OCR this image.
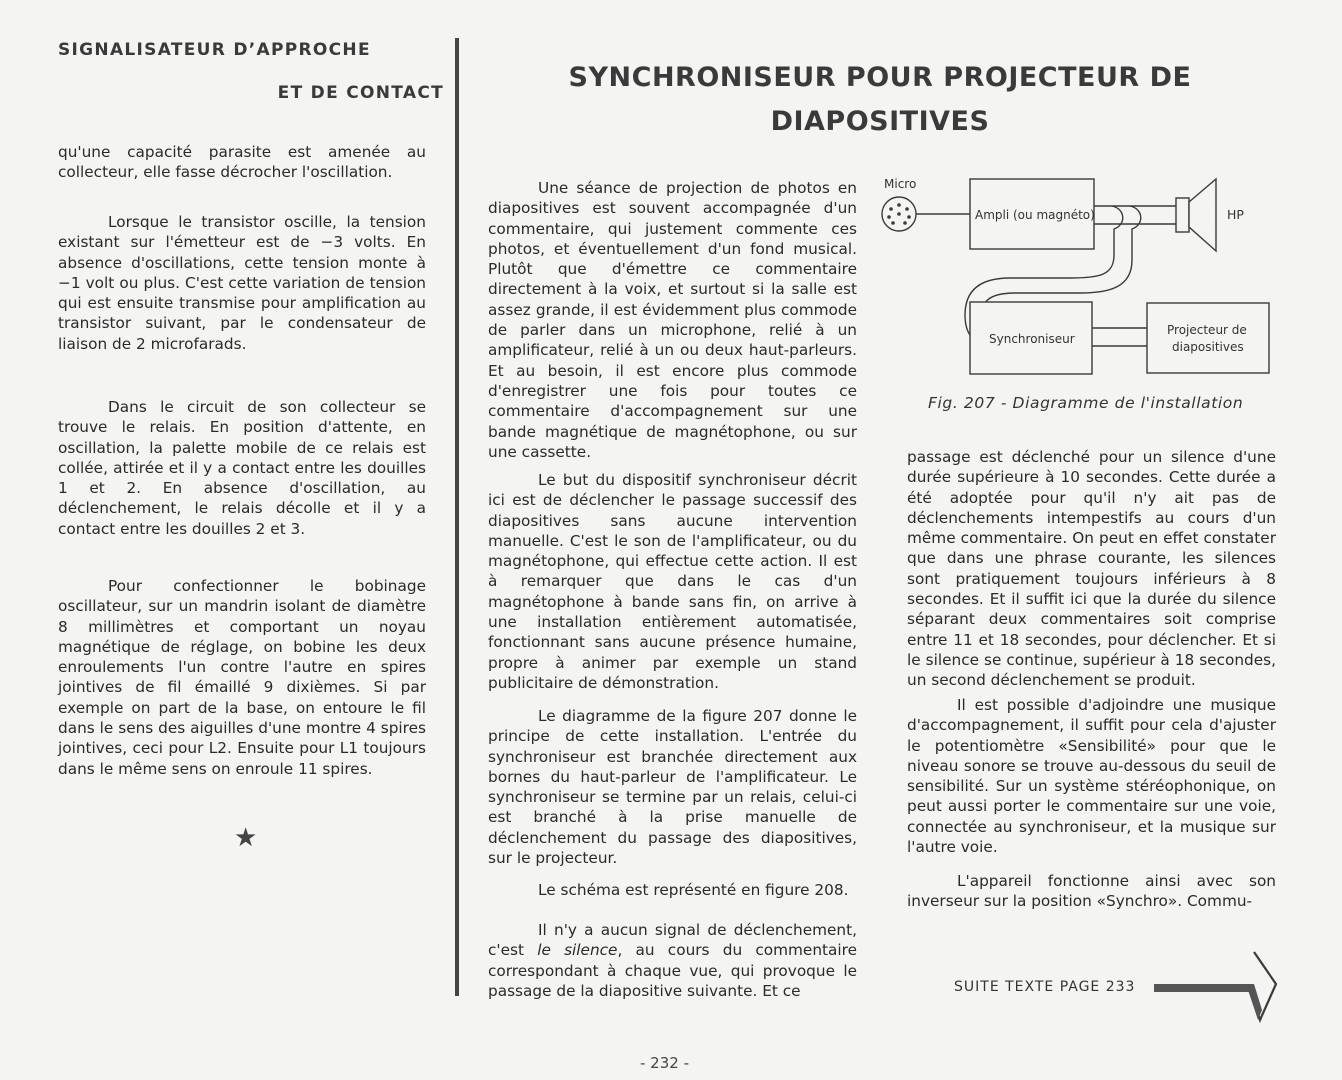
SIGNALISATEUR D’APPROCHE
ET DE CONTACT

qu'une capacité parasite est amenée au collecteur, elle fasse décrocher l'oscillation.

Lorsque le transistor oscille, la tension existant sur l'émetteur est de −3 volts. En absence d'oscillations, cette tension monte à −1 volt ou plus. C'est cette variation de tension qui est ensuite transmise pour amplification au transistor suivant, par le condensateur de liaison de 2 microfarads.

Dans le circuit de son collecteur se trouve le relais. En position d'attente, en oscillation, la palette mobile de ce relais est collée, attirée et il y a contact entre les douilles 1 et 2. En absence d'oscillation, au déclenchement, le relais décolle et il y a contact entre les douilles 2 et 3.

Pour confectionner le bobinage oscillateur, sur un mandrin isolant de diamètre 8 millimètres et comportant un noyau magnétique de réglage, on bobine les deux enroulements l'un contre l'autre en spires jointives de fil émaillé 9 dixièmes. Si par exemple on part de la base, on entoure le fil dans le sens des aiguilles d'une montre 4 spires jointives, ceci pour L2. Ensuite pour L1 toujours dans le même sens on enroule 11 spires.

★
SYNCHRONISEUR POUR PROJECTEUR DE
DIAPOSITIVES

Une séance de projection de photos en diapositives est souvent accompagnée d'un commentaire, qui justement commente ces photos, et éventuellement d'un fond musical. Plutôt que d'émettre ce commentaire directement à la voix, et surtout si la salle est assez grande, il est évidemment plus commode de parler dans un microphone, relié à un amplificateur, relié à un ou deux haut-parleurs. Et au besoin, il est encore plus commode d'enregistrer une fois pour toutes ce commentaire d'accompagnement sur une bande magnétique de magnétophone, ou sur une cassette.

Le but du dispositif synchroniseur décrit ici est de déclencher le passage successif des diapositives sans aucune intervention manuelle. C'est le son de l'amplificateur, ou du magnétophone, qui effectue cette action. Il est à remarquer que dans le cas d'un magnétophone à bande sans fin, on arrive à une installation entièrement automatisée, fonctionnant sans aucune présence humaine, propre à animer par exemple un stand publicitaire de démonstration.

Le diagramme de la figure 207 donne le principe de cette installation. L'entrée du synchroniseur est branchée directement aux bornes du haut-parleur de l'amplificateur. Le synchroniseur se termine par un relais, celui-ci est branché à la prise manuelle de déclenchement du passage des diapositives, sur le projecteur.

Le schéma est représenté en figure 208.

Il n'y a aucun signal de déclenchement, c'est le silence, au cours du commentaire correspondant à chaque vue, qui provoque le passage de la diapositive suivante. Et ce

Micro
Ampli (ou magnéto)	HP
Synchroniseur
Projecteur de
diapositives
Fig. 207 - Diagramme de l'installation

passage est déclenché pour un silence d'une durée supérieure à 10 secondes. Cette durée a été adoptée pour qu'il n'y ait pas de déclenchements intempestifs au cours d'un même commentaire. On peut en effet constater que dans une phrase courante, les silences sont pratiquement toujours inférieurs à 8 secondes. Et il suffit ici que la durée du silence séparant deux commentaires soit comprise entre 11 et 18 secondes, pour déclencher. Et si le silence se continue, supérieur à 18 secondes, un second déclenchement se produit.

Il est possible d'adjoindre une musique d'accompagnement, il suffit pour cela d'ajuster le potentiomètre «Sensibilité» pour que le niveau sonore se trouve au-dessous du seuil de sensibilité. Sur un système stéréophonique, on peut aussi porter le commentaire sur une voie, connectée au synchroniseur, et la musique sur l'autre voie.

L'appareil fonctionne ainsi avec son inverseur sur la position «Synchro». Commu-

SUITE TEXTE PAGE 233
- 232 -
